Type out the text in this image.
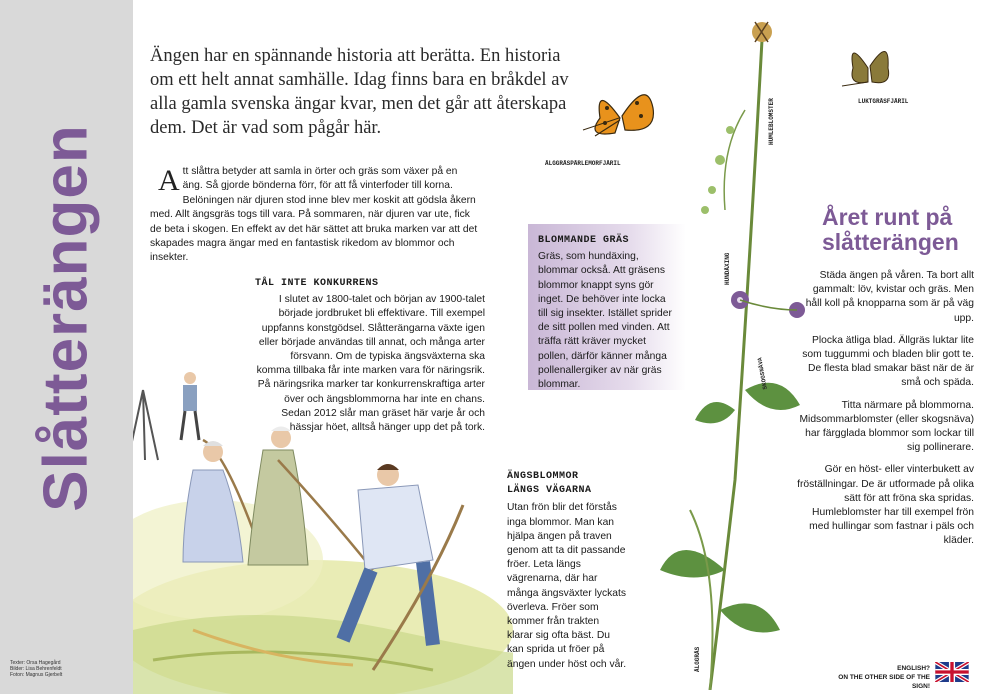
Slåtterängen
Texter: Orsa Hagegård
Bilder: Lisa Behrenfeldt
Foton: Magnus Gjerbelt
Ängen har en spännande historia att berätta. En historia om ett helt annat samhälle. Idag finns bara en bråkdel av alla gamla svenska ängar kvar, men det går att återskapa dem. Det är vad som pågår här.
Att slåttra betyder att samla in örter och gräs som växer på en äng. Så gjorde bönderna förr, för att få vinterfoder till korna. Belöningen när djuren stod inne blev mer koskit att gödsla åkern med. Allt ängsgräs togs till vara. På sommaren, när djuren var ute, fick de beta i skogen. En effekt av det här sättet att bruka marken var att det skapades magra ängar med en fantastisk rikedom av blommor och insekter.
TÅL INTE KONKURRENS

I slutet av 1800-talet och början av 1900-talet började jordbruket bli effektivare. Till exempel uppfanns konstgödsel. Slåtterängarna växte igen eller började användas till annat, och många arter försvann. Om de typiska ängsväxterna ska komma tillbaka får inte marken vara för näringsrik. På näringsrika marker tar konkurrenskraftiga arter över och ängsblommorna har inte en chans. Sedan 2012 slår man gräset här varje år och hässjar höet, alltså hänger upp det på tork.

BLOMMANDE GRÄS

Gräs, som hundäxing, blommar också. Att gräsens blommor knappt syns gör inget. De behöver inte locka till sig insekter. Istället sprider de sitt pollen med vinden. Att träffa rätt kräver mycket pollen, därför känner många pollenallergiker av när gräs blommar.

ÄNGSBLOMMOR
LÄNGS VÄGARNA

Utan frön blir det förstås inga blommor. Man kan hjälpa ängen på traven genom att ta dit passande fröer. Leta längs vägrenarna, där har många ängsväxter lyckats överleva. Fröer som kommer från trakten klarar sig ofta bäst. Du kan sprida ut fröer på ängen under höst och vår.

ÄLGGRÄSPÄRLEMORFJÄRIL
LUKTGRÄSFJÄRIL
HUMLEBLOMSTER
HUNDÄXING
SKOGSNÄVA
ÄLGGRÄS
Året runt på
slåtterängen

Städa ängen på våren. Ta bort allt gammalt: löv, kvistar och gräs. Men håll koll på knopparna som är på väg upp.

Plocka ätliga blad. Ällgräs luktar lite som tuggummi och bladen blir gott te. De flesta blad smakar bäst när de är små och späda.

Titta närmare på blommorna. Midsommarblomster (eller skogsnäva) har färgglada blommor som lockar till sig pollinerare.

Gör en höst- eller vinterbukett av fröställningar. De är utformade på olika sätt för att fröna ska spridas. Humleblomster har till exempel frön med hullingar som fastnar i päls och kläder.

ENGLISH?
ON THE OTHER SIDE OF THE SIGN!
